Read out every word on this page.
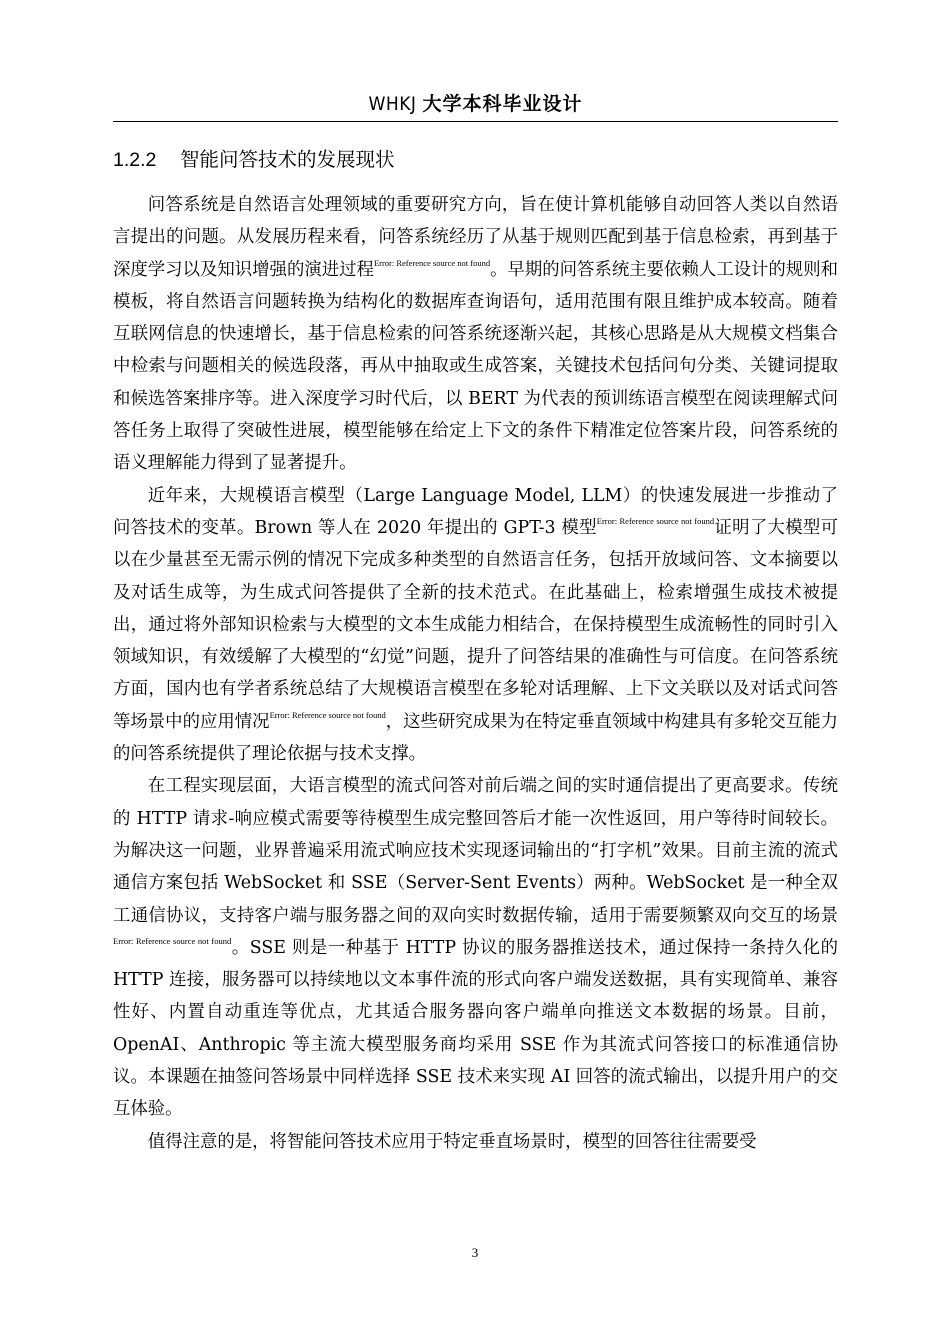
WHKJ 大学本科毕业设计
1.2.2 智能问答技术的发展现状

问答系统是自然语言处理领域的重要研究方向，旨在使计算机能够自动回答人类以自然语言提出的问题。从发展历程来看，问答系统经历了从基于规则匹配到基于信息检索，再到基于深度学习以及知识增强的演进过程$^{Error: Reference source not found}$。早期的问答系统主要依赖人工设计的规则和模板，将自然语言问题转换为结构化的数据库查询语句，适用范围有限且维护成本较高。随着互联网信息的快速增长，基于信息检索的问答系统逐渐兴起，其核心思路是从大规模文档集合中检索与问题相关的候选段落，再从中抽取或生成答案，关键技术包括问句分类、关键词提取和候选答案排序等。进入深度学习时代后，以 BERT 为代表的预训练语言模型在阅读理解式问答任务上取得了突破性进展，模型能够在给定上下文的条件下精准定位答案片段，问答系统的语义理解能力得到了显著提升。

近年来，大规模语言模型（Large Language Model, LLM）的快速发展进一步推动了问答技术的变革。Brown 等人在 2020 年提出的 GPT-3 模型$^{Error: Reference source not found}$证明了大模型可以在少量甚至无需示例的情况下完成多种类型的自然语言任务，包括开放域问答、文本摘要以及对话生成等，为生成式问答提供了全新的技术范式。在此基础上，检索增强生成技术被提出，通过将外部知识检索与大模型的文本生成能力相结合，在保持模型生成流畅性的同时引入领域知识，有效缓解了大模型的“幻觉”问题，提升了问答结果的准确性与可信度。在问答系统方面，国内也有学者系统总结了大规模语言模型在多轮对话理解、上下文关联以及对话式问答等场景中的应用情况$^{Error: Reference source not found}$，这些研究成果为在特定垂直领域中构建具有多轮交互能力的问答系统提供了理论依据与技术支撑。

在工程实现层面，大语言模型的流式问答对前后端之间的实时通信提出了更高要求。传统的 HTTP 请求-响应模式需要等待模型生成完整回答后才能一次性返回，用户等待时间较长。为解决这一问题，业界普遍采用流式响应技术实现逐词输出的“打字机”效果。目前主流的流式通信方案包括 WebSocket 和 SSE（Server-Sent Events）两种。WebSocket 是一种全双工通信协议，支持客户端与服务器之间的双向实时数据传输，适用于需要频繁双向交互的场景$^{Error: Reference source not found}$。SSE 则是一种基于 HTTP 协议的服务器推送技术，通过保持一条持久化的 HTTP 连接，服务器可以持续地以文本事件流的形式向客户端发送数据，具有实现简单、兼容性好、内置自动重连等优点，尤其适合服务器向客户端单向推送文本数据的场景。目前，OpenAI、Anthropic 等主流大模型服务商均采用 SSE 作为其流式问答接口的标准通信协议。本课题在抽签问答场景中同样选择 SSE 技术来实现 AI 回答的流式输出，以提升用户的交互体验。

值得注意的是，将智能问答技术应用于特定垂直场景时，模型的回答往往需要受

3
